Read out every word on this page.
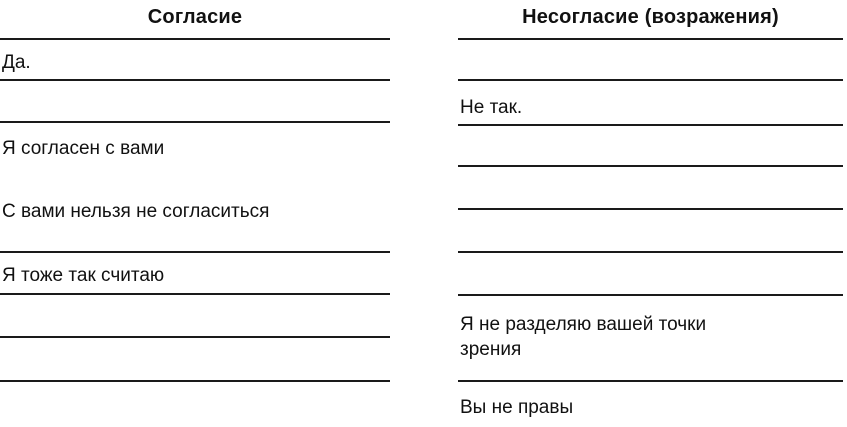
Согласие
Да.
Я согласен с вами
С вами нельзя не согласиться
Я тоже так считаю
Несогласие (возражения)
Не так.
Я не разделяю вашей точки
зрения
Вы не правы
